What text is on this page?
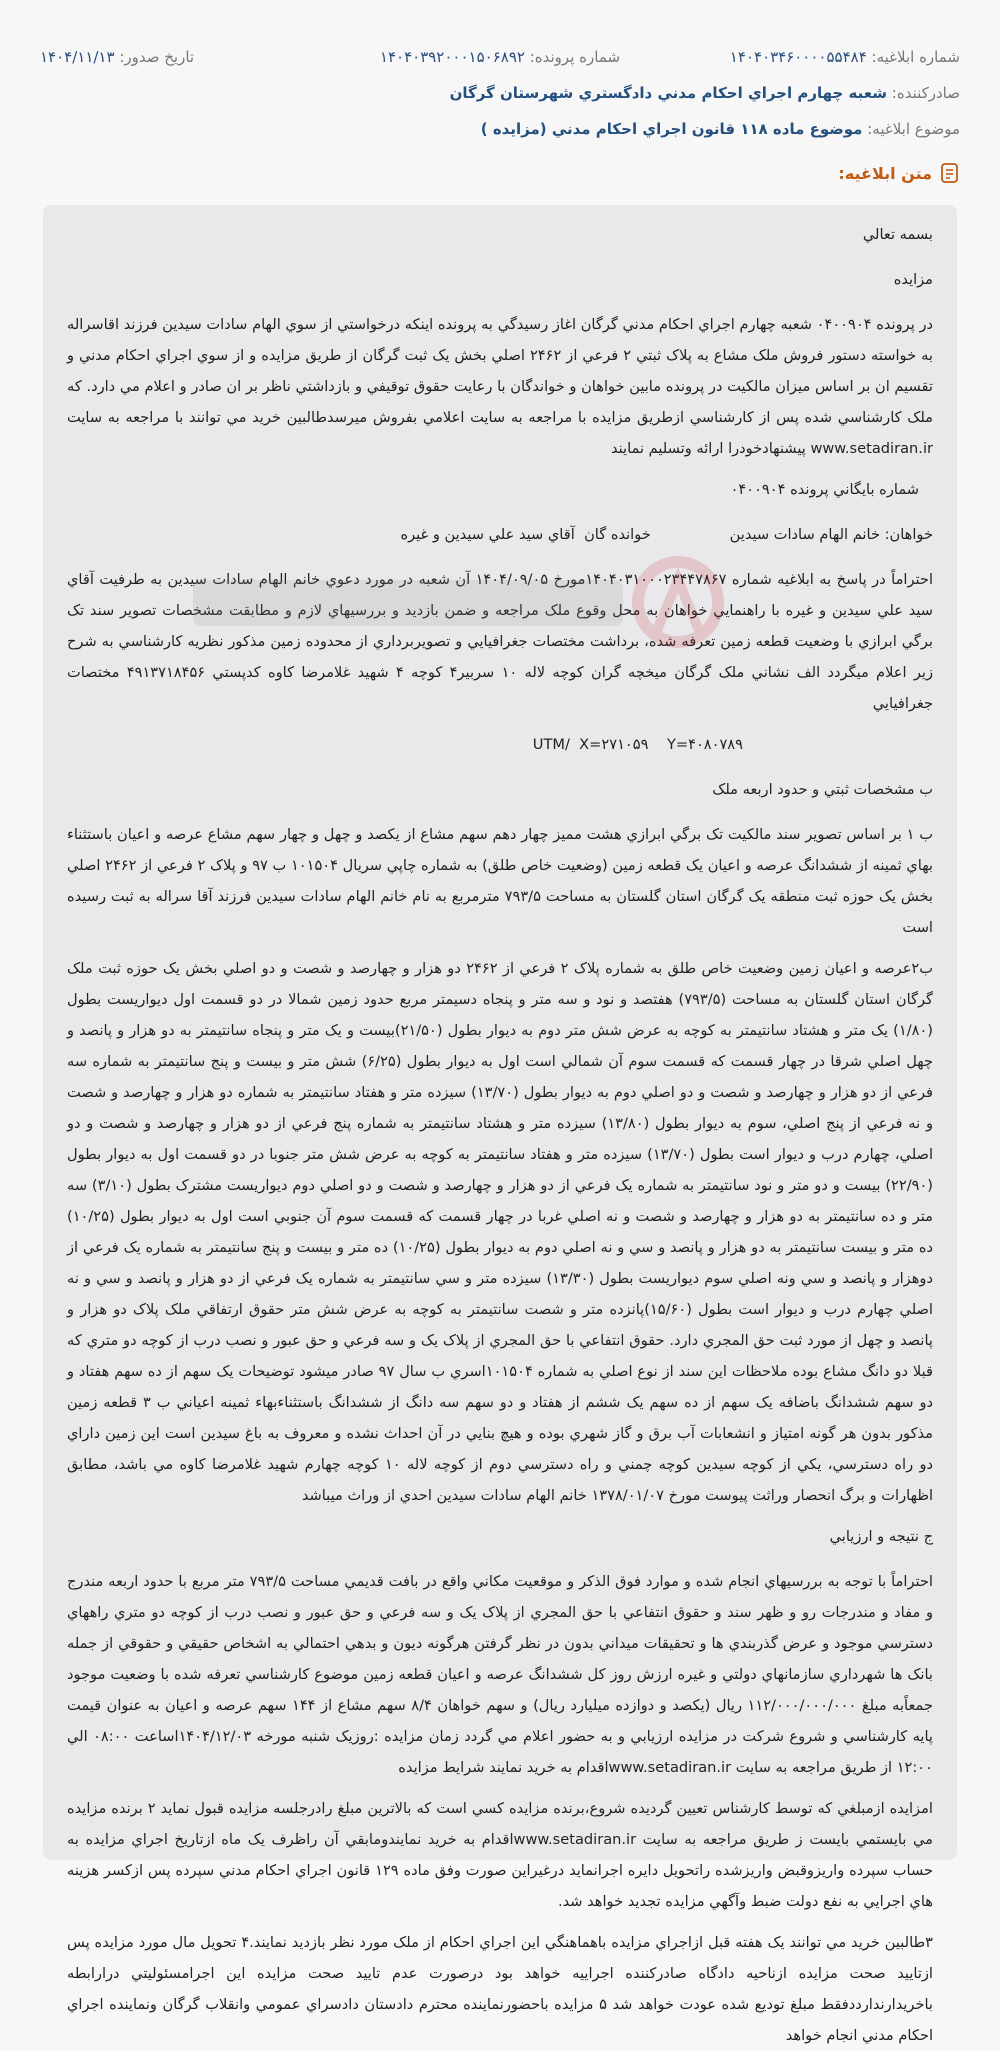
شماره ابلاغيه: ۱۴۰۴۰۳۴۶۰۰۰۰۵۵۴۸۴
شماره پرونده: ۱۴۰۴۰۳۹۲۰۰۰۱۵۰۶۸۹۲
تاريخ صدور: ۱۴۰۴/۱۱/۱۳
صادرکننده: شعبه چهارم اجراي احکام مدني دادگستري شهرستان گرگان
موضوع ابلاغيه: موضوع ماده ۱۱۸ قانون اجراي احکام مدني (مزايده )
متن ابلاغيه:

بسمه تعالي

مزايده

در پرونده ۰۴۰۰۹۰۴ شعبه چهارم اجراي احکام مدني گرگان اغاز رسيدگي به پرونده اينکه درخواستي از سوي الهام سادات سيدين فرزند اقاسراله به خواسته دستور فروش ملک مشاع به پلاک ثبتي ۲ فرعي از ۲۴۶۲ اصلي بخش يک ثبت گرگان از طريق مزايده و از سوي اجراي احکام مدني و تقسيم ان بر اساس ميزان مالکيت در پرونده مابين خواهان و خواندگان با رعايت حقوق توقيفي و بازداشتي ناظر بر ان صادر و اعلام مي دارد. که ملک کارشناسي شده پس از کارشناسي ازطريق مزايده با مراجعه به سايت اعلامي بفروش ميرسدطالبين خريد مي توانند با مراجعه به سايت www.setadiran.ir پيشنهادخودرا ارائه وتسليم نمايند

شماره بايگاني پرونده ۰۴۰۰۹۰۴

خواهان: خانم الهام سادات سيدين                 خوانده گان  آقاي سيد علي سيدين و غيره

احتراماً در پاسخ به ابلاغيه شماره ۱۴۰۴۰۳۱۰۰۰۲۳۴۴۷۸۶۷مورخ ۱۴۰۴/۰۹/۰۵ آن شعبه در مورد دعوي خانم الهام سادات سيدين به طرفيت آقاي سيد علي سيدين و غيره با راهنمايي خواهان به محل وقوع ملک مراجعه و ضمن بازديد و بررسيهاي لازم و مطابقت مشخصات تصوير سند تک برگي ابرازي با وضعيت قطعه زمين تعرفه شده، برداشت مختصات جغرافيايي و تصويربرداري از محدوده زمين مذکور نظريه کارشناسي به شرح زير اعلام ميگردد الف نشاني ملک گرگان ميخچه گران کوچه لاله ۱۰ سربير۴ کوچه ۴ شهيد غلامرضا کاوه کدپستي ۴۹۱۳۷۱۸۴۵۶ مختصات جغرافيايي

UTM/  X=۲۷۱۰۵۹    Y=۴۰۸۰۷۸۹

ب مشخصات ثبتي و حدود اربعه ملک

ب ۱ بر اساس تصوير سند مالکيت تک برگي ابرازي هشت مميز چهار دهم سهم مشاع از يکصد و چهل و چهار سهم مشاع عرصه و اعيان باستثناء بهاي ثمينه از ششدانگ عرصه و اعيان يک قطعه زمين (وضعيت خاص طلق) به شماره چاپي سريال ۱۰۱۵۰۴ ب ۹۷ و پلاک ۲ فرعي از ۲۴۶۲ اصلي بخش يک حوزه ثبت منطقه يک گرگان استان گلستان به مساحت ۷۹۳/۵ مترمربع به نام خانم الهام سادات سيدين فرزند آقا سراله به ثبت رسيده است

ب۲عرصه و اعيان زمين وضعيت خاص طلق به شماره پلاک ۲ فرعي از ۲۴۶۲ دو هزار و چهارصد و شصت و دو اصلي بخش يک حوزه ثبت ملک گرگان استان گلستان به مساحت (۷۹۳/۵) هفتصد و نود و سه متر و پنجاه دسيمتر مربع حدود زمين شمالا در دو قسمت اول ديواريست بطول (۱/۸۰) يک متر و هشتاد سانتيمتر به کوچه به عرض شش متر دوم به ديوار بطول (۲۱/۵۰)بيست و يک متر و پنجاه سانتيمتر به دو هزار و پانصد و چهل اصلي شرقا در چهار قسمت که قسمت سوم آن شمالي است اول به ديوار بطول (۶/۲۵) شش متر و بيست و پنج سانتيمتر به شماره سه فرعي از دو هزار و چهارصد و شصت و دو اصلي دوم به ديوار بطول (۱۳/۷۰) سيزده متر و هفتاد سانتيمتر به شماره دو هزار و چهارصد و شصت و نه فرعي از پنج اصلي، سوم به ديوار بطول (۱۳/۸۰) سيزده متر و هشتاد سانتيمتر به شماره پنج فرعي از دو هزار و چهارصد و شصت و دو اصلي، چهارم درب و ديوار است بطول (۱۳/۷۰) سيزده متر و هفتاد سانتيمتر به کوچه به عرض شش متر جنوبا در دو قسمت اول به ديوار بطول (۲۲/۹۰) بيست و دو متر و نود سانتيمتر به شماره يک فرعي از دو هزار و چهارصد و شصت و دو اصلي دوم ديواريست مشترک بطول (۳/۱۰) سه متر و ده سانتيمتر به دو هزار و چهارصد و شصت و نه اصلي غربا در چهار قسمت که قسمت سوم آن جنوبي است اول به ديوار بطول (۱۰/۲۵) ده متر و بيست سانتيمتر به دو هزار و پانصد و سي و نه اصلي دوم به ديوار بطول (۱۰/۲۵) ده متر و بيست و پنج سانتيمتر به شماره يک فرعي از دوهزار و پانصد و سي ونه اصلي سوم ديواريست بطول (۱۳/۳۰) سيزده متر و سي سانتيمتر به شماره يک فرعي از دو هزار و پانصد و سي و نه اصلي چهارم درب و ديوار است بطول (۱۵/۶۰)پانزده متر و شصت سانتيمتر به کوچه به عرض شش متر حقوق ارتفاقي ملک پلاک دو هزار و پانصد و چهل از مورد ثبت حق المجري دارد. حقوق انتفاعي با حق المجري از پلاک يک و سه فرعي و حق عبور و نصب درب از کوچه دو متري که قبلا دو دانگ مشاع بوده ملاحظات اين سند از نوع اصلي به شماره ۱۰۱۵۰۴اسري ب سال ۹۷ صادر ميشود توضيحات يک سهم از ده سهم هفتاد و دو سهم ششدانگ باضافه يک سهم از ده سهم يک ششم از هفتاد و دو سهم سه دانگ از ششدانگ باستثناءبهاء ثمينه اعياني ب ۳ قطعه زمين مذکور بدون هر گونه امتياز و انشعابات آب برق و گاز شهري بوده و هيچ بنايي در آن احداث نشده و معروف به باغ سيدين است اين زمين داراي دو راه دسترسي، يکي از کوچه سيدين کوچه چمني و راه دسترسي دوم از کوچه لاله ۱۰ کوچه چهارم شهيد غلامرضا کاوه مي باشد، مطابق اظهارات و برگ انحصار وراثت پيوست مورخ ۱۳۷۸/۰۱/۰۷ خانم الهام سادات سيدين احدي از وراث ميباشد

ج نتيجه و ارزيابي

احتراماً با توجه به بررسيهاي انجام شده و موارد فوق الذکر و موقعيت مکاني واقع در بافت قديمي مساحت ۷۹۳/۵ متر مربع با حدود اربعه مندرج و مفاد و مندرجات رو و ظهر سند و حقوق انتفاعي با حق المجري از پلاک يک و سه فرعي و حق عبور و نصب درب از کوچه دو متري راههاي دسترسي موجود و عرض گذربندي ها و تحقيقات ميداني بدون در نظر گرفتن هرگونه ديون و بدهي احتمالي به اشخاص حقيقي و حقوقي از جمله بانک ها شهرداري سازمانهاي دولتي و غيره ارزش روز کل ششدانگ عرصه و اعيان قطعه زمين موضوع کارشناسي تعرفه شده با وضعيت موجود جمعاًبه مبلغ ۱۱۲/۰۰۰/۰۰۰/۰۰۰ ريال (يکصد و دوازده ميليارد ريال) و سهم خواهان ۸/۴ سهم مشاع از ۱۴۴ سهم عرصه و اعيان به عنوان قيمت پايه کارشناسي و شروع شرکت در مزايده ارزيابي و به حضور اعلام مي گردد زمان مزايده :روزيک شنبه مورخه ۱۴۰۴/۱۲/۰۳اساعت ۰۸:۰۰ الي ۱۲:۰۰ از طريق مراجعه به سايت www.setadiran.irاقدام به خريد نمايند شرايط مزايده

امزايده ازمبلغي که توسط کارشناس تعيين گرديده شروع،برنده مزايده کسي است که بالاترين مبلغ رادرجلسه مزايده قبول نمايد ۲ برنده مزايده مي بايستمي بايست ز طريق مراجعه به سايت www.setadiran.irاقدام به خريد نمايندومابقي آن راظرف يک ماه ازتاريخ اجراي مزايده به حساب سپرده واريزوقبض واريزشده راتحويل دايره اجرانمايد درغيراين صورت وفق ماده ۱۲۹ قانون اجراي احکام مدني سپرده پس ازکسر هزينه هاي اجرايي به نفع دولت ضبط وآگهي مزايده تجديد خواهد شد.

۳طالبين خريد مي توانند يک هفته قبل ازاجراي مزايده باهماهنگي اين اجراي احکام از ملک مورد نظر بازديد نمايند.۴ تحويل مال مورد مزايده پس ازتاييد صحت مزايده ازناحيه دادگاه صادرکننده اجراييه خواهد بود درصورت عدم تاييد صحت مزايده اين اجرامسئوليتي درارابطه باخريدارندارددفقط مبلغ توديع شده عودت خواهد شد ۵ مزايده باحضورنماينده محترم دادستان دادسراي عمومي وانقلاب گرگان ونماينده اجراي احکام مدني انجام خواهد
